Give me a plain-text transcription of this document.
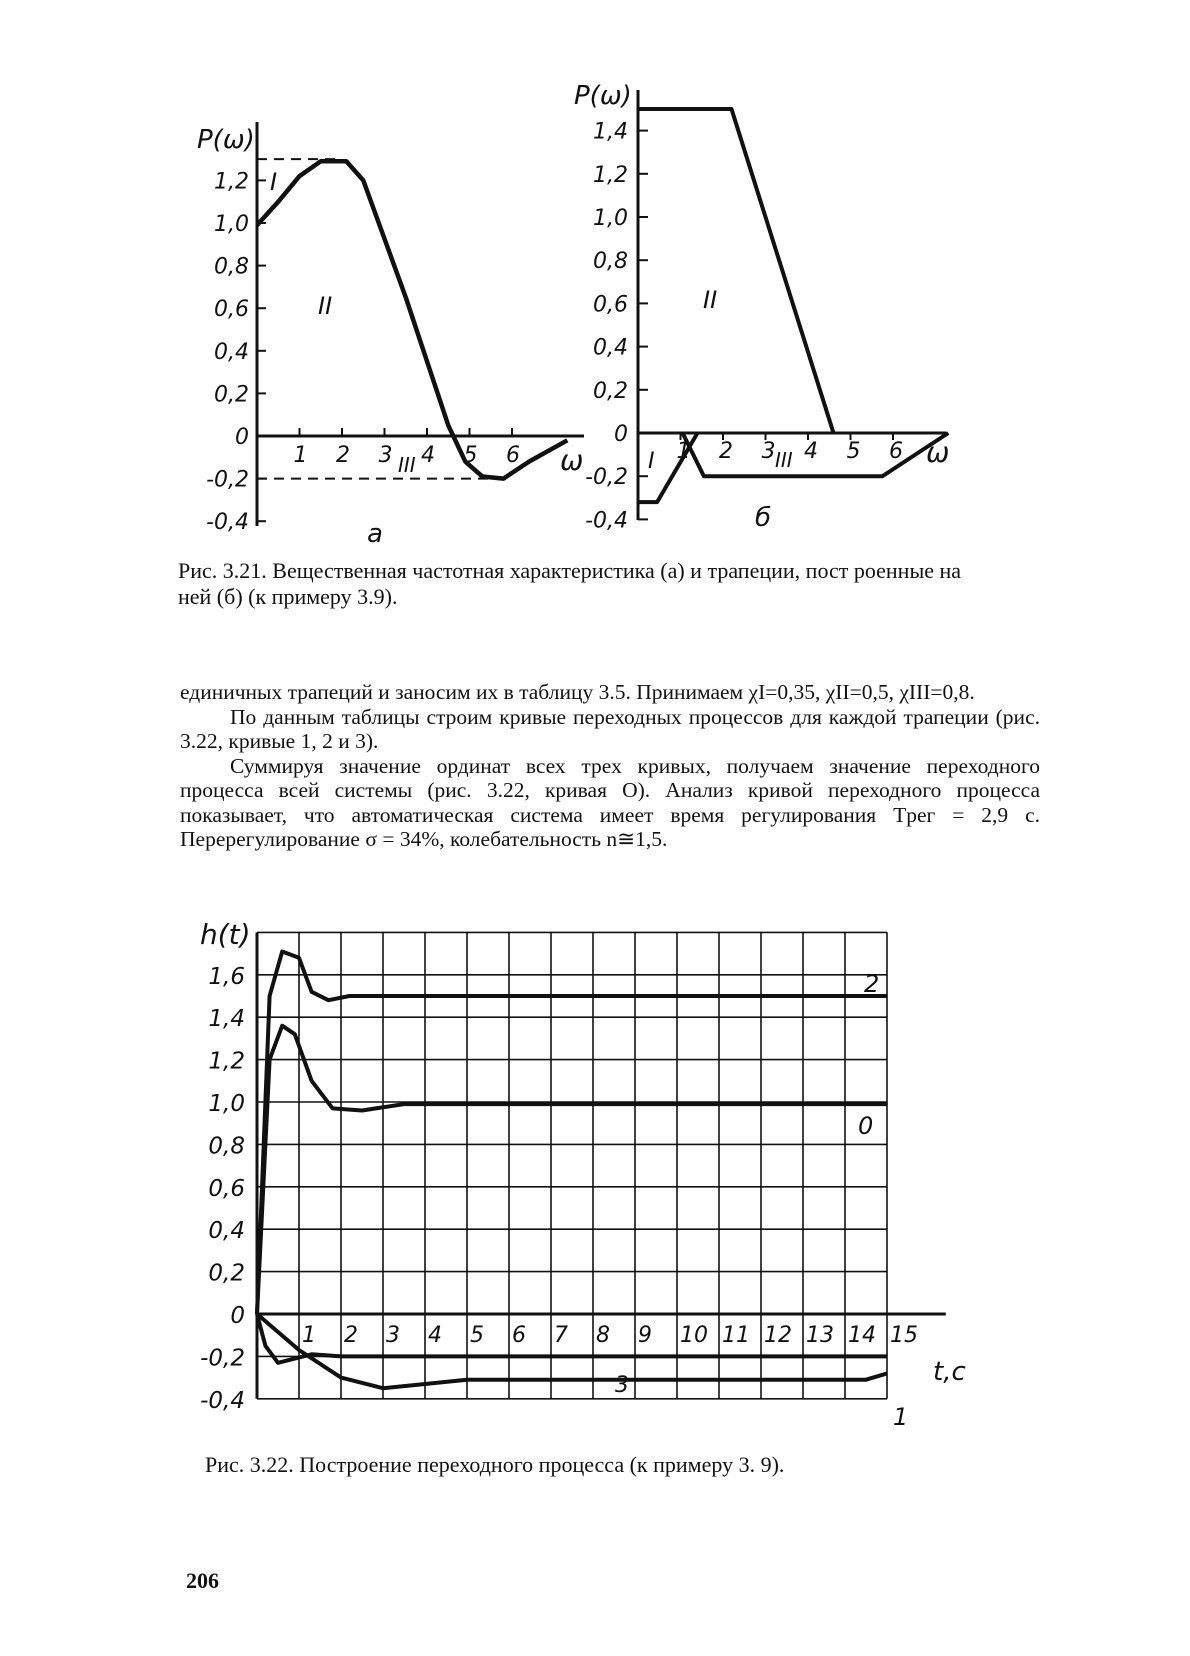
P(ω)
ω
а
I
II
III
1,2
1,0
0,8
0,6
0,4
0,2
0
-0,2
-0,4
1 2 3 4 5 6
P(ω)
ω
б
I
II
III
1,4
1,2
1,0
0,8
0,6
0,4
0,2
0
-0,2
-0,4
1 2 3 4 5 6
Рис. 3.21. Вещественная частотная характеристика (а) и трапеции, пост роенные на ней (б) (к примеру 3.9).

единичных трапеций и заносим их в таблицу 3.5. Принимаем χI=0,35, χII=0,5, χIII=0,8.

По данным таблицы строим кривые переходных процессов для каждой трапеции (рис. 3.22, кривые 1, 2 и 3).

Суммируя значение ординат всех трех кривых, получаем значение переходного процесса всей системы (рис. 3.22, кривая О). Анализ кривой переходного процесса показывает, что автоматическая система имеет время регулирования Tрег = 2,9 с. Перерегулирование σ = 34%, колебательность n≅1,5.

h(t)
t,c
2
0
3
1
1,6
1,4
1,2
1,0
0,8
0,6
0,4
0,2
0
-0,2
-0,4
1 2 3 4 5 6 7 8 9 10 11 12 13 14 15
Рис. 3.22. Построение переходного процесса (к примеру 3. 9).
206
